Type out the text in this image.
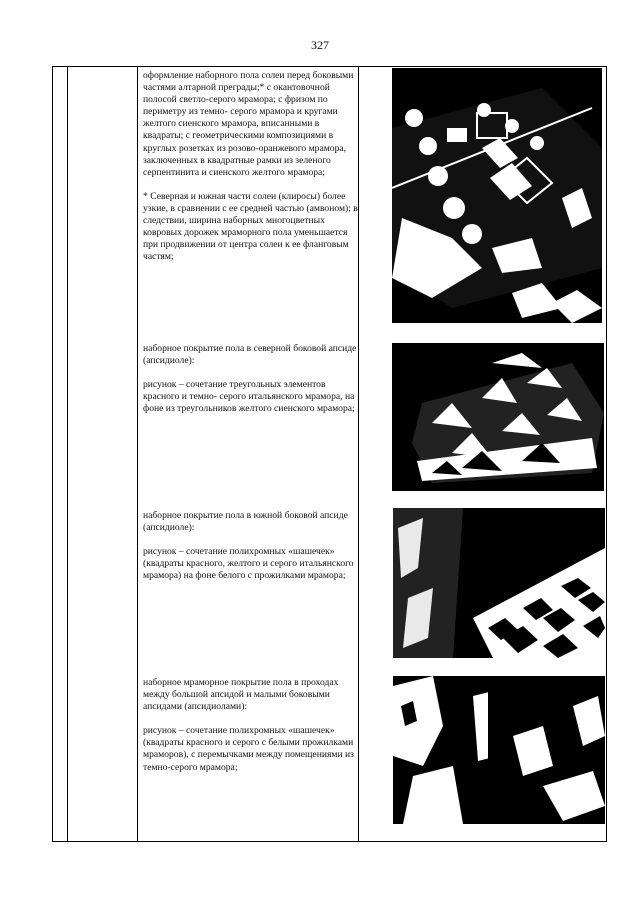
327

оформление наборного пола солеи перед боковыми частями алтарной преграды;* с окантовочной полосой светло-серого мрамора; с фризом по периметру из темно- серого мрамора и кругами желтого сиенского мрамора, вписанными в квадраты; с геометрическими композициями в круглых розетках из розово-оранжевого мрамора, заключенных в квадратные рамки из зеленого серпентинита и сиенского желтого мрамора;

* Северная и южная части солеи (клиросы) более узкие, в сравнении с ее средней частью (амвоном); в следствии, ширина наборных многоцветных ковровых дорожек мраморного пола уменьшается при продвижении от центра солеи к ее фланговым частям;

наборное покрытие пола в северной боковой апсиде (апсидиоле):

рисунок – сочетание треугольных элементов красного и темно- серого итальянского мрамора, на фоне из треугольников желтого сиенского мрамора;

наборное покрытие пола в южной боковой апсиде (апсидиоле):

рисунок – сочетание полихромных «шашечек» (квадраты красного, желтого и серого итальянского мрамора) на фоне белого с прожилками мрамора;

наборное мраморное покрытие пола в проходах между большой апсидой и малыми боковыми апсидами (апсидиолами):

рисунок – сочетание полихромных «шашечек» (квадраты красного и серого с белыми прожилками мраморов), с перемычками между помещениями из темно-серого мрамора;
